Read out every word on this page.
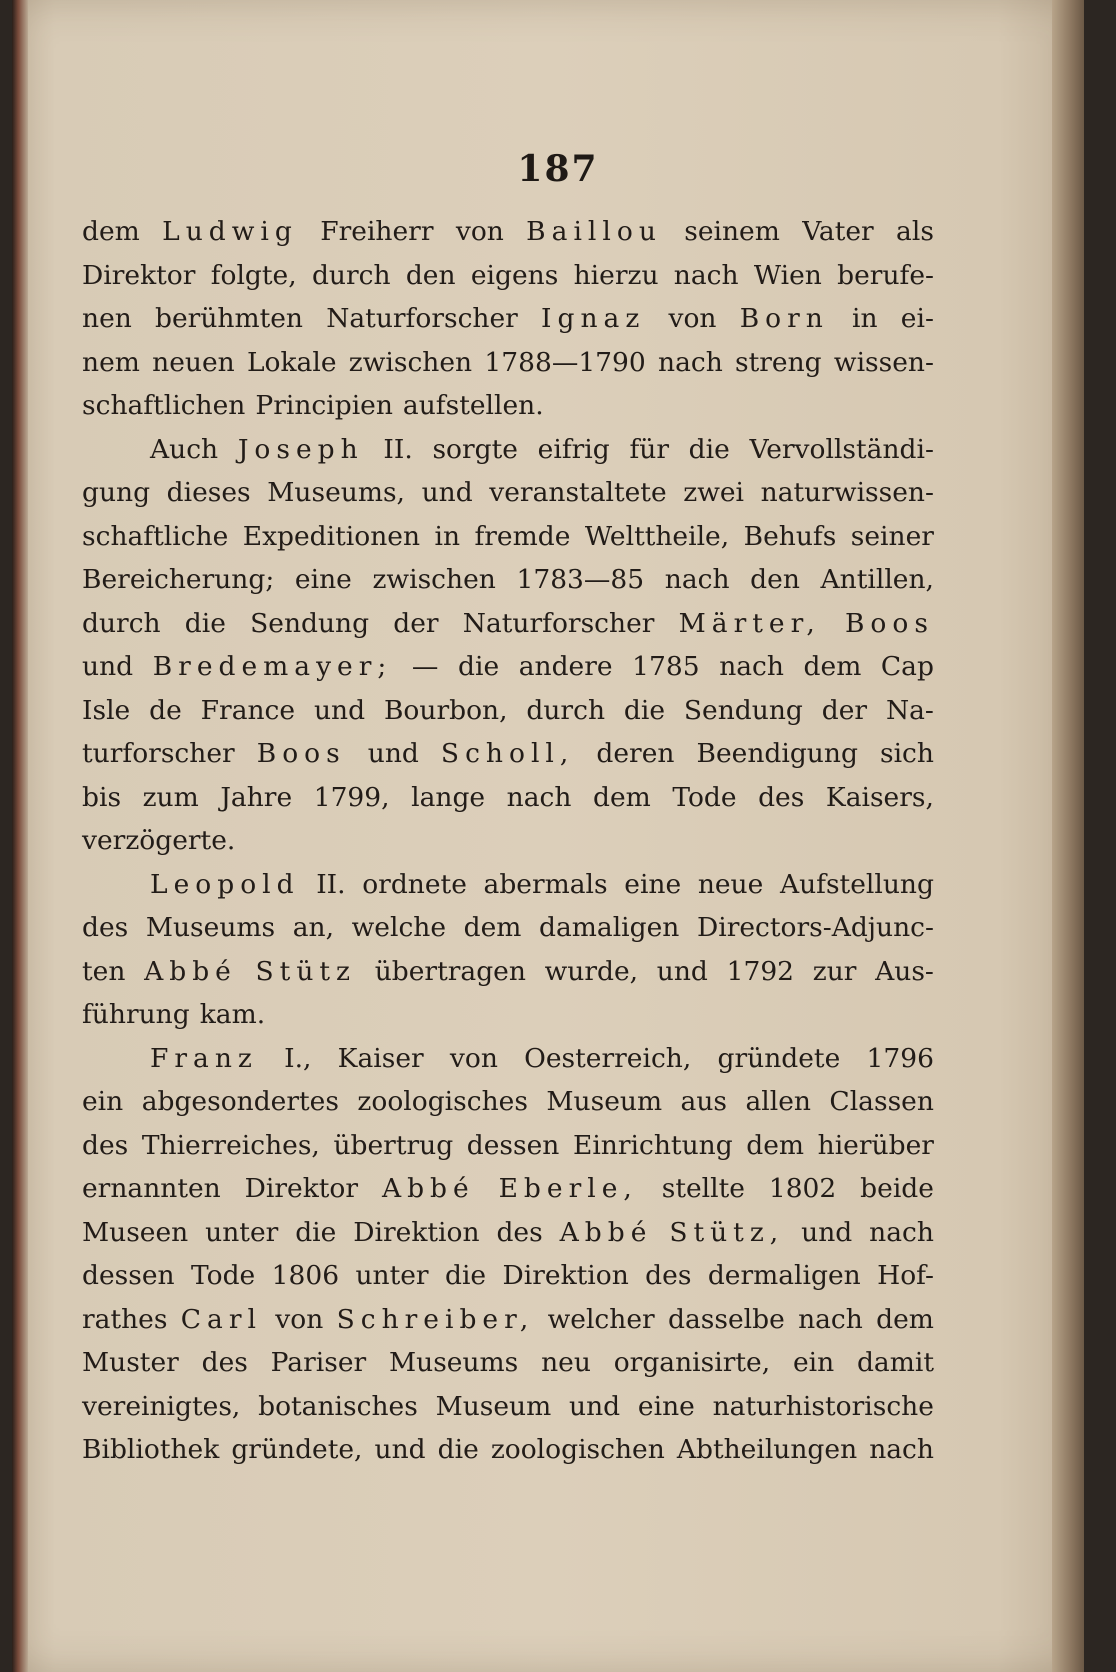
187
dem Ludwig Freiherr von Baillou seinem Vater als
Direktor folgte, durch den eigens hierzu nach Wien berufe-
nen berühmten Naturforscher Ignaz von Born in ei-
nem neuen Lokale zwischen 1788—1790 nach streng wissen-
schaftlichen Principien aufstellen.
Auch Joseph II. sorgte eifrig für die Vervollständi-
gung dieses Museums, und veranstaltete zwei naturwissen-
schaftliche Expeditionen in fremde Welttheile, Behufs seiner
Bereicherung; eine zwischen 1783—85 nach den Antillen,
durch die Sendung der Naturforscher Märter, Boos
und Bredemayer; — die andere 1785 nach dem Cap
Isle de France und Bourbon, durch die Sendung der Na-
turforscher Boos und Scholl, deren Beendigung sich
bis zum Jahre 1799, lange nach dem Tode des Kaisers,
verzögerte.
Leopold II. ordnete abermals eine neue Aufstellung
des Museums an, welche dem damaligen Directors-Adjunc-
ten Abbé Stütz übertragen wurde, und 1792 zur Aus-
führung kam.
Franz I., Kaiser von Oesterreich, gründete 1796
ein abgesondertes zoologisches Museum aus allen Classen
des Thierreiches, übertrug dessen Einrichtung dem hierüber
ernannten Direktor Abbé Eberle, stellte 1802 beide
Museen unter die Direktion des Abbé Stütz, und nach
dessen Tode 1806 unter die Direktion des dermaligen Hof-
rathes Carl von Schreiber, welcher dasselbe nach dem
Muster des Pariser Museums neu organisirte, ein damit
vereinigtes, botanisches Museum und eine naturhistorische
Bibliothek gründete, und die zoologischen Abtheilungen nach
